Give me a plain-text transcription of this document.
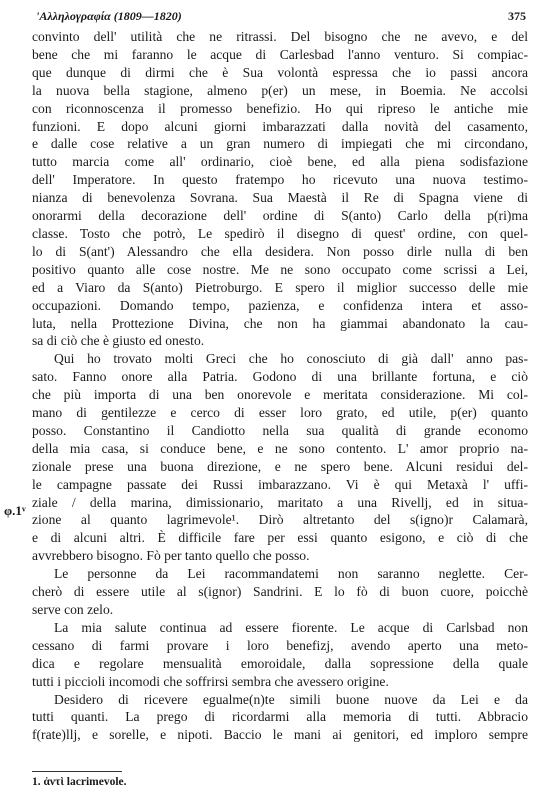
'Αλληλογραφία (1809—1820)	375
φ.1ᵛ

convinto dell' utilità che ne ritrassi. Del bisogno che ne avevo, e del
bene che mi faranno le acque di Carlesbad l'anno venturo. Si compiac-
que dunque di dirmi che è Sua volontà espressa che io passi ancora
la nuova bella stagione, almeno p(er) un mese, in Boemia. Ne accolsi
con riconnoscenza il promesso benefizio. Ho qui ripreso le antiche mie
funzioni. E dopo alcuni giorni imbarazzati dalla novità del casamento,
e dalle cose relative a un gran numero di impiegati che mi circondano,
tutto marcia come all' ordinario, cioè bene, ed alla piena sodisfazione
dell' Imperatore. In questo fratempo ho ricevuto una nuova testimo-
nianza di benevolenza Sovrana. Sua Maestà il Re di Spagna viene di
onorarmi della decorazione dell' ordine di S(anto) Carlo della p(ri)ma
classe. Tosto che potrò, Le spedirò il disegno di quest' ordine, con quel-
lo di S(ant') Alessandro che ella desidera. Non posso dirle nulla di ben
positivo quanto alle cose nostre. Me ne sono occupato come scrissi a Lei,
ed a Viaro da S(anto) Pietroburgo. E spero il miglior successo delle mie
occupazioni. Domando tempo, pazienza, e confidenza intera et asso-
luta, nella Prottezione Divina, che non ha giammai abandonato la cau-
sa di ciò che è giusto ed onesto.

Qui ho trovato molti Greci che ho conosciuto di già dall' anno pas-
sato. Fanno onore alla Patria. Godono di una brillante fortuna, e ciò
che più importa di una ben onorevole e meritata considerazione. Mi col-
mano di gentilezze e cerco di esser loro grato, ed utile, p(er) quanto
posso. Constantino il Candiotto nella sua qualità di grande economo
della mia casa, si conduce bene, e ne sono contento. L' amor proprio na-
zionale prese una buona direzione, e ne spero bene. Alcuni residui del-
le campagne passate dei Russi imbarazzano. Vi è qui Metaxà l' uffi-
ziale / della marina, dimissionario, maritato a una Rivellj, ed in situa-
zione al quanto lagrimevole¹. Dirò altretanto del s(igno)r Calamarà,
e di alcuni altri. È difficile fare per essi quanto esigono, e ciò di che
avvrebbero bisogno. Fò per tanto quello che posso.

Le personne da Lei racommandatemi non saranno neglette. Cer-
cherò di essere utile al s(ignor) Sandrini. E lo fò di buon cuore, poicchè
serve con zelo.

La mia salute continua ad essere fiorente. Le acque di Carlsbad non
cessano di farmi provare i loro benefizj, avendo aperto una meto-
dica e regolare mensualità emoroidale, dalla sopressione della quale
tutti i piccioli incomodi che soffrirsi sembra che avessero origine.

Desidero di ricevere egualme(n)te simili buone nuove da Lei e da
tutti quanti. La prego di ricordarmi alla memoria di tutti. Abbracio
f(rate)llj, e sorelle, e nipoti. Baccio le mani ai genitori, ed imploro sempre

1. ἀντὶ lacrimevole.
